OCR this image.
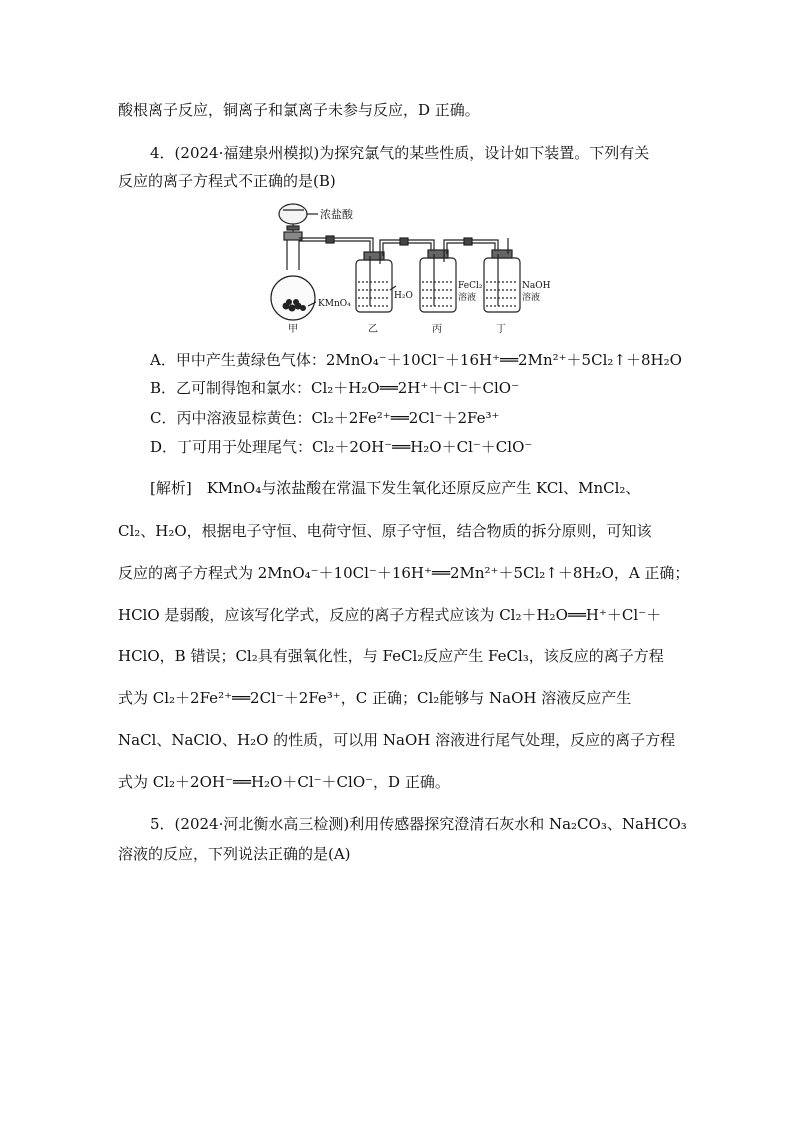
酸根离子反应，铜离子和氯离子未参与反应，D 正确。
4．(2024·福建泉州模拟)为探究氯气的某些性质，设计如下装置。下列有关
反应的离子方程式不正确的是(B)
浓盐酸
KMnO₄
H₂O
FeCl₂
溶液
NaOH
溶液
甲	乙	丙	丁
A．甲中产生黄绿色气体：2MnO₄⁻＋10Cl⁻＋16H⁺══2Mn²⁺＋5Cl₂↑＋8H₂O
B．乙可制得饱和氯水：Cl₂＋H₂O══2H⁺＋Cl⁻＋ClO⁻
C．丙中溶液显棕黄色：Cl₂＋2Fe²⁺══2Cl⁻＋2Fe³⁺
D．丁可用于处理尾气：Cl₂＋2OH⁻══H₂O＋Cl⁻＋ClO⁻
[解析]　KMnO₄与浓盐酸在常温下发生氧化还原反应产生 KCl、MnCl₂、
Cl₂、H₂O，根据电子守恒、电荷守恒、原子守恒，结合物质的拆分原则，可知该
反应的离子方程式为 2MnO₄⁻＋10Cl⁻＋16H⁺══2Mn²⁺＋5Cl₂↑＋8H₂O，A 正确；
HClO 是弱酸，应该写化学式，反应的离子方程式应该为 Cl₂＋H₂O══H⁺＋Cl⁻＋
HClO，B 错误；Cl₂具有强氧化性，与 FeCl₂反应产生 FeCl₃，该反应的离子方程
式为 Cl₂＋2Fe²⁺══2Cl⁻＋2Fe³⁺，C 正确；Cl₂能够与 NaOH 溶液反应产生
NaCl、NaClO、H₂O 的性质，可以用 NaOH 溶液进行尾气处理，反应的离子方程
式为 Cl₂＋2OH⁻══H₂O＋Cl⁻＋ClO⁻，D 正确。
5．(2024·河北衡水高三检测)利用传感器探究澄清石灰水和 Na₂CO₃、NaHCO₃
溶液的反应，下列说法正确的是(A)
